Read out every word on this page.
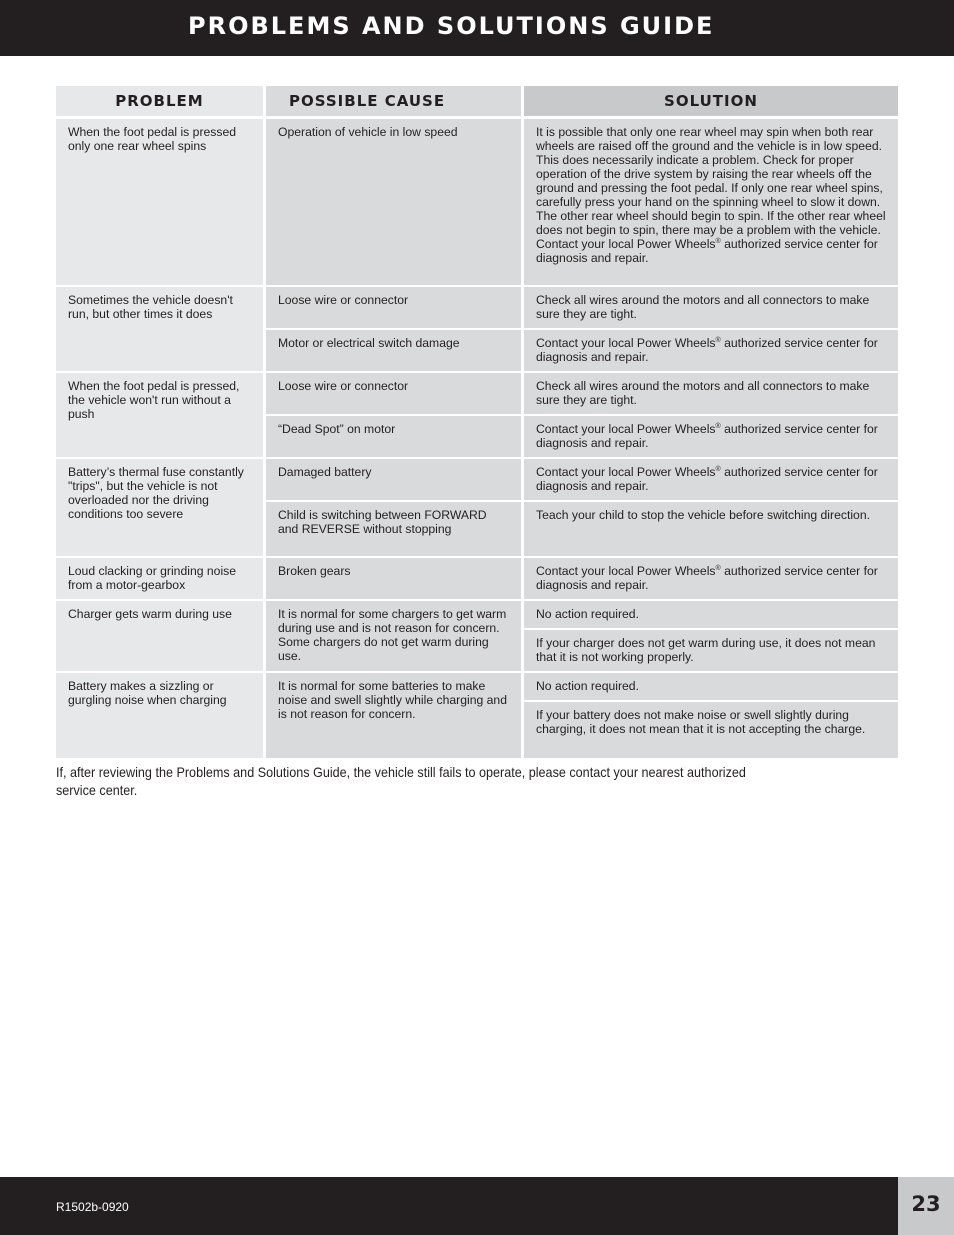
PROBLEMS AND SOLUTIONS GUIDE
PROBLEM	POSSIBLE CAUSE	SOLUTION
When the foot pedal is pressed only one rear wheel spins	Operation of vehicle in low speed	It is possible that only one rear wheel may spin when both rear wheels are raised off the ground and the vehicle is in low speed. This does necessarily indicate a problem. Check for proper operation of the drive system by raising the rear wheels off the ground and pressing the foot pedal. If only one rear wheel spins, carefully press your hand on the spinning wheel to slow it down. The other rear wheel should begin to spin. If the other rear wheel does not begin to spin, there may be a problem with the vehicle. Contact your local Power Wheels® authorized service center for diagnosis and repair.
Sometimes the vehicle doesn't run, but other times it does	Loose wire or connector	Check all wires around the motors and all connectors to make sure they are tight.
	Motor or electrical switch damage	Contact your local Power Wheels® authorized service center for diagnosis and repair.
When the foot pedal is pressed, the vehicle won't run without a push	Loose wire or connector	Check all wires around the motors and all connectors to make sure they are tight.
	“Dead Spot” on motor	Contact your local Power Wheels® authorized service center for diagnosis and repair.
Battery’s thermal fuse constantly "trips", but the vehicle is not overloaded nor the driving conditions too severe	Damaged battery	Contact your local Power Wheels® authorized service center for diagnosis and repair.
	Child is switching between FORWARD and REVERSE without stopping	Teach your child to stop the vehicle before switching direction.
Loud clacking or grinding noise from a motor-gearbox	Broken gears	Contact your local Power Wheels® authorized service center for diagnosis and repair.
Charger gets warm during use	It is normal for some chargers to get warm during use and is not reason for concern. Some chargers do not get warm during use.	No action required.
		If your charger does not get warm during use, it does not mean that it is not working properly.
Battery makes a sizzling or gurgling noise when charging	It is normal for some batteries to make noise and swell slightly while charging and is not reason for concern.	No action required.
		If your battery does not make noise or swell slightly during charging, it does not mean that it is not accepting the charge.
If, after reviewing the Problems and Solutions Guide, the vehicle still fails to operate, please contact your nearest authorized service center.
R1502b-0920	23
